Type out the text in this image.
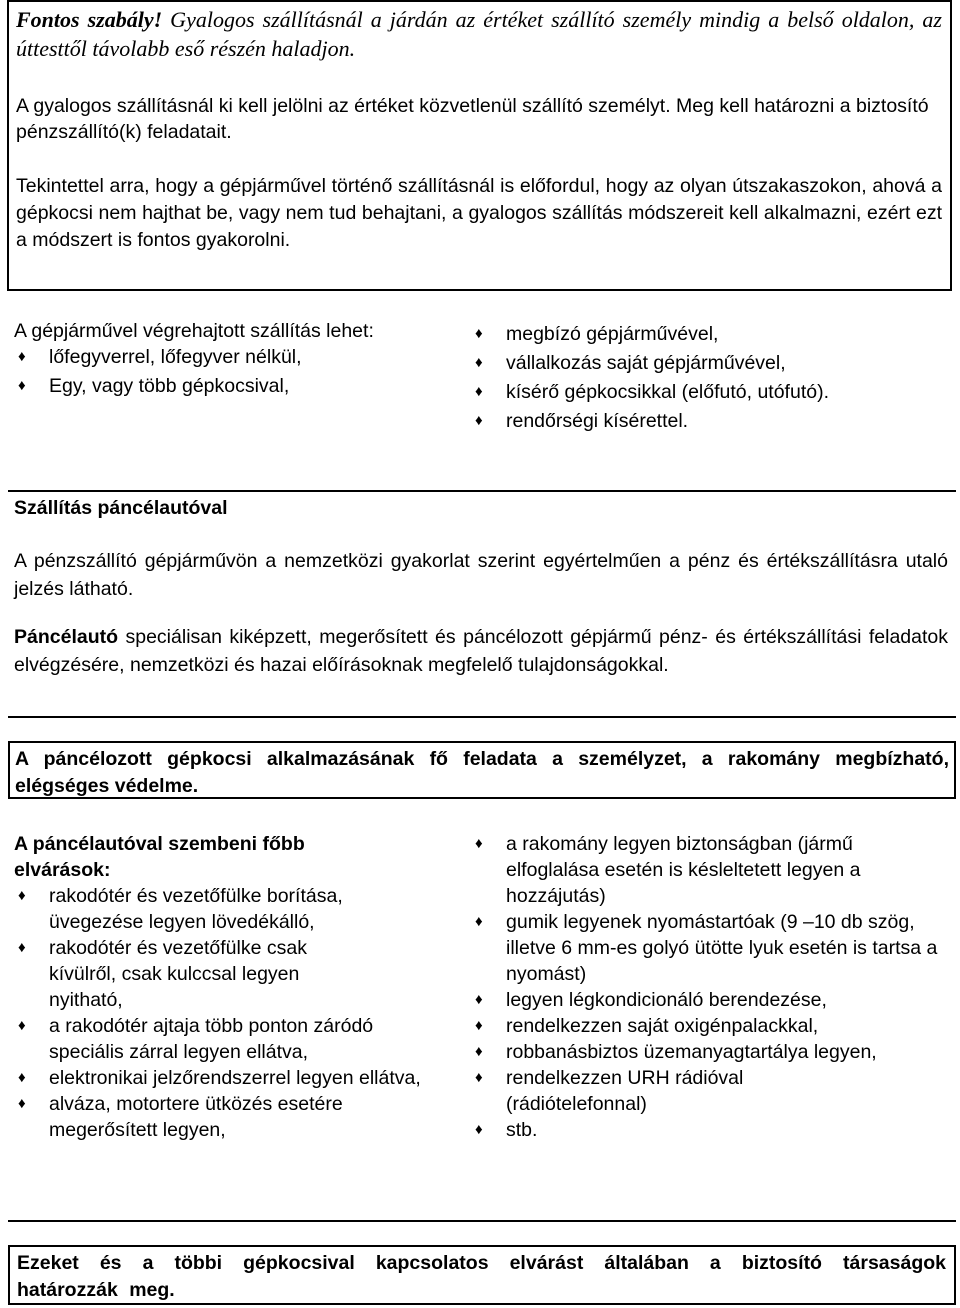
Fontos szabály! Gyalogos szállításnál a járdán az értéket szállító személy mindig a belső oldalon, az úttesttől távolabb eső részén haladjon.

A gyalogos szállításnál ki kell jelölni az értéket közvetlenül szállító személyt. Meg kell határozni a biztosító pénzszállító(k) feladatait.

Tekintettel arra, hogy a gépjárművel történő szállításnál is előfordul, hogy az olyan útszakaszokon, ahová a gépkocsi nem hajthat be, vagy nem tud behajtani, a gyalogos szállítás módszereit kell alkalmazni, ezért ezt a módszert is fontos gyakorolni.

A gépjárművel végrehajtott szállítás lehet:
♦ lőfegyverrel, lőfegyver nélkül,
♦ Egy, vagy több gépkocsival,
♦ megbízó gépjárművével,
♦ vállalkozás saját gépjárművével,
♦ kísérő gépkocsikkal (előfutó, utófutó).
♦ rendőrségi kísérettel.
Szállítás páncélautóval

A pénzszállító gépjárművön a nemzetközi gyakorlat szerint egyértelműen a pénz és értékszállításra utaló jelzés látható.

Páncélautó speciálisan kiképzett, megerősített és páncélozott gépjármű pénz- és értékszállítási feladatok elvégzésére, nemzetközi és hazai előírásoknak megfelelő tulajdonságokkal.

A páncélozott gépkocsi alkalmazásának fő feladata a személyzet, a rakomány megbízható, elégséges védelme.

A páncélautóval szembeni főbb elvárások:
♦ rakodótér és vezetőfülke borítása, üvegezése legyen lövedékálló,
♦ rakodótér és vezetőfülke csak kívülről, csak kulccsal legyen nyitható,
♦ a rakodótér ajtaja több ponton záródó speciális zárral legyen ellátva,
♦ elektronikai jelzőrendszerrel legyen ellátva,
♦ alváza, motortere ütközés esetére megerősített legyen,
♦ a rakomány legyen biztonságban (jármű elfoglalása esetén is késleltetett legyen a hozzájutás)
♦ gumik legyenek nyomástartóak (9 –10 db szög, illetve 6 mm-es golyó ütötte lyuk esetén is tartsa a nyomást)
♦ legyen légkondicionáló berendezése,
♦ rendelkezzen saját oxigénpalackkal,
♦ robbanásbiztos üzemanyagtartálya legyen,
♦ rendelkezzen URH rádióval (rádiótelefonnal)
♦ stb.

Ezeket és a többi gépkocsival kapcsolatos elvárást általában a biztosító társaságok határozzák meg.
